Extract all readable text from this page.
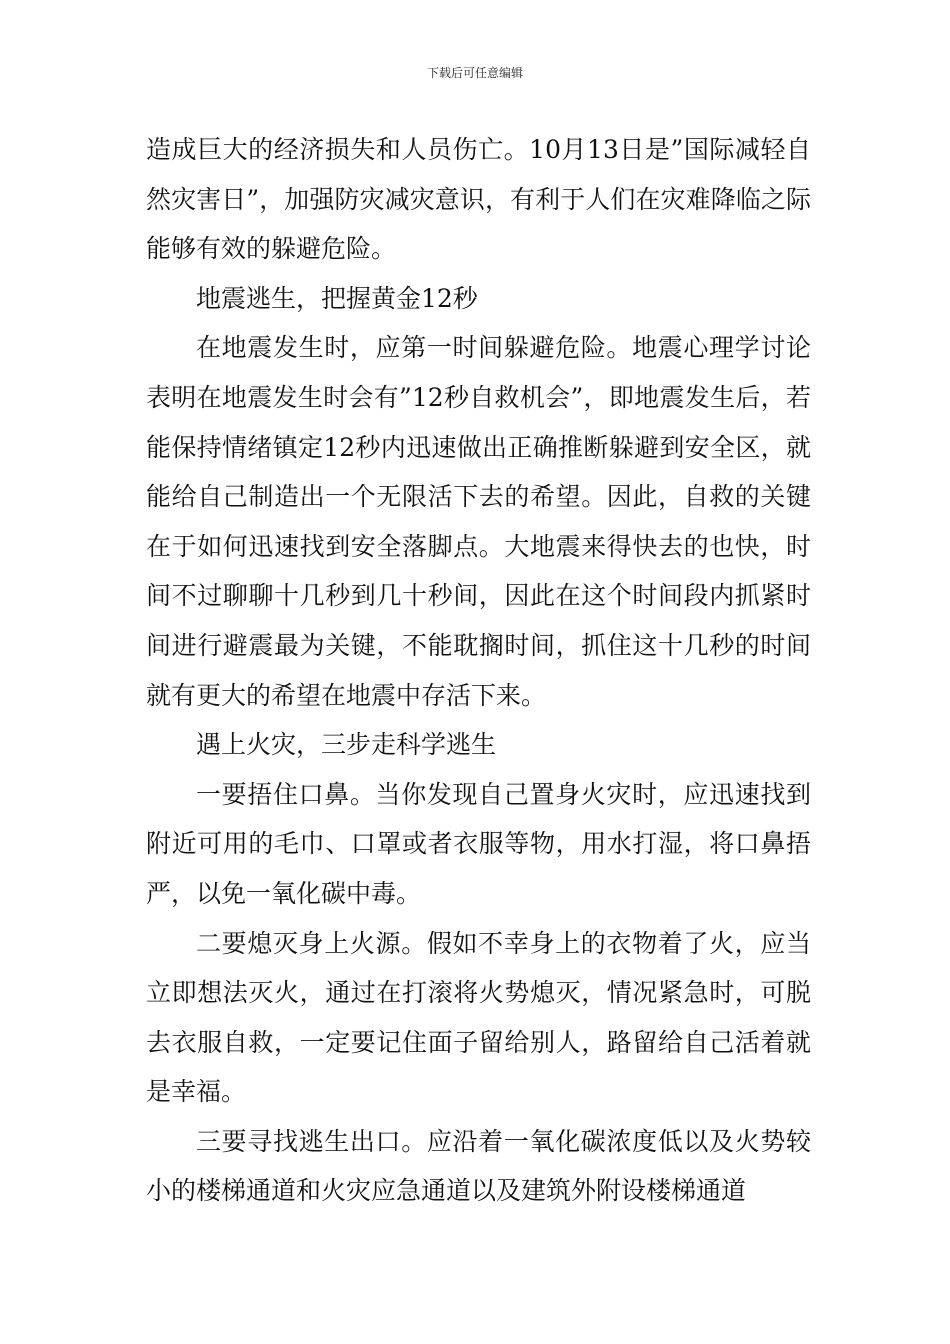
下载后可任意编辑

造成巨大的经济损失和人员伤亡。10月13日是”国际减轻自然灾害日”，加强防灾减灾意识，有利于人们在灾难降临之际能够有效的躲避危险。

地震逃生，把握黄金12秒

在地震发生时，应第一时间躲避危险。地震心理学讨论表明在地震发生时会有”12秒自救机会”，即地震发生后，若能保持情绪镇定12秒内迅速做出正确推断躲避到安全区，就能给自己制造出一个无限活下去的希望。因此，自救的关键在于如何迅速找到安全落脚点。大地震来得快去的也快，时间不过聊聊十几秒到几十秒间，因此在这个时间段内抓紧时间进行避震最为关键，不能耽搁时间，抓住这十几秒的时间就有更大的希望在地震中存活下来。

遇上火灾，三步走科学逃生

一要捂住口鼻。当你发现自己置身火灾时，应迅速找到附近可用的毛巾、口罩或者衣服等物，用水打湿，将口鼻捂严，以免一氧化碳中毒。

二要熄灭身上火源。假如不幸身上的衣物着了火，应当立即想法灭火，通过在打滚将火势熄灭，情况紧急时，可脱去衣服自救，一定要记住面子留给别人，路留给自己活着就是幸福。

三要寻找逃生出口。应沿着一氧化碳浓度低以及火势较小的楼梯通道和火灾应急通道以及建筑外附设楼梯通道
